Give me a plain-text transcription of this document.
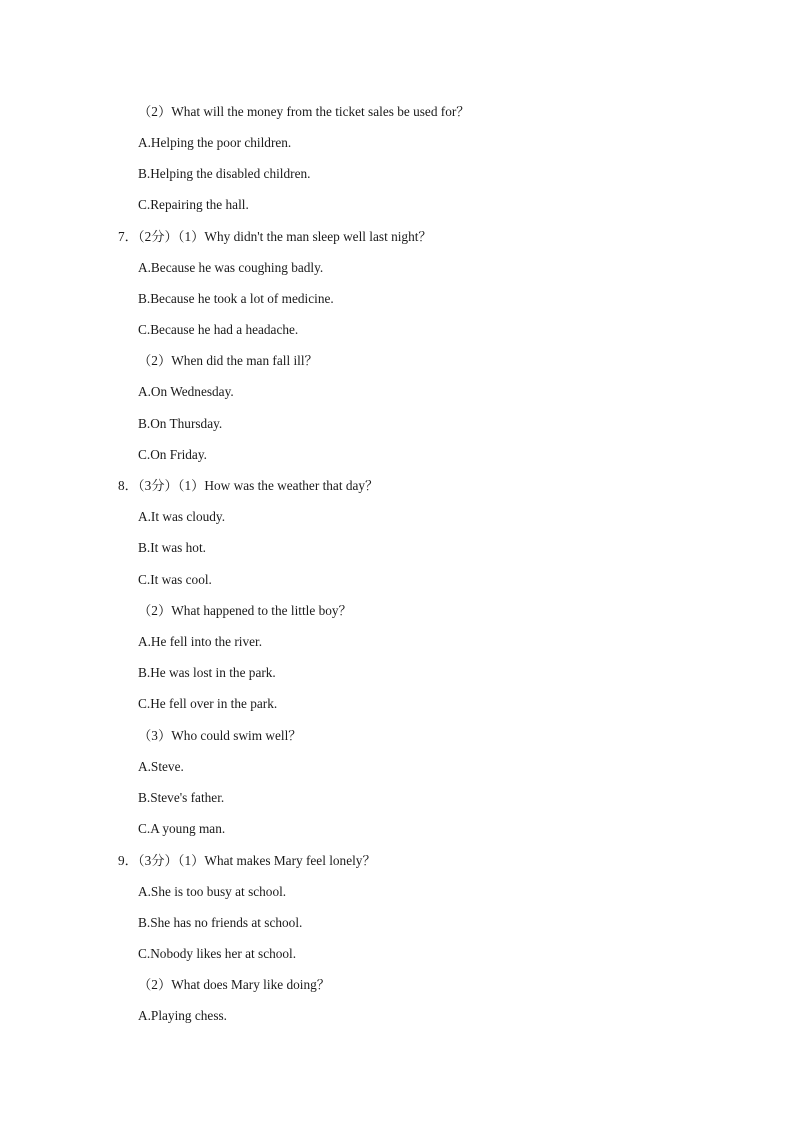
（2）What will the money from the ticket sales be used for？
A.Helping the poor children.
B.Helping the disabled children.
C.Repairing the hall.
7．（2分）（1）Why didn't the man sleep well last night？
A.Because he was coughing badly.
B.Because he took a lot of medicine.
C.Because he had a headache.
（2）When did the man fall ill？
A.On Wednesday.
B.On Thursday.
C.On Friday.
8．（3分）（1）How was the weather that day？
A.It was cloudy.
B.It was hot.
C.It was cool.
（2）What happened to the little boy？
A.He fell into the river.
B.He was lost in the park.
C.He fell over in the park.
（3）Who could swim well？
A.Steve.
B.Steve's father.
C.A young man.
9．（3分）（1）What makes Mary feel lonely？
A.She is too busy at school.
B.She has no friends at school.
C.Nobody likes her at school.
（2）What does Mary like doing？
A.Playing chess.
